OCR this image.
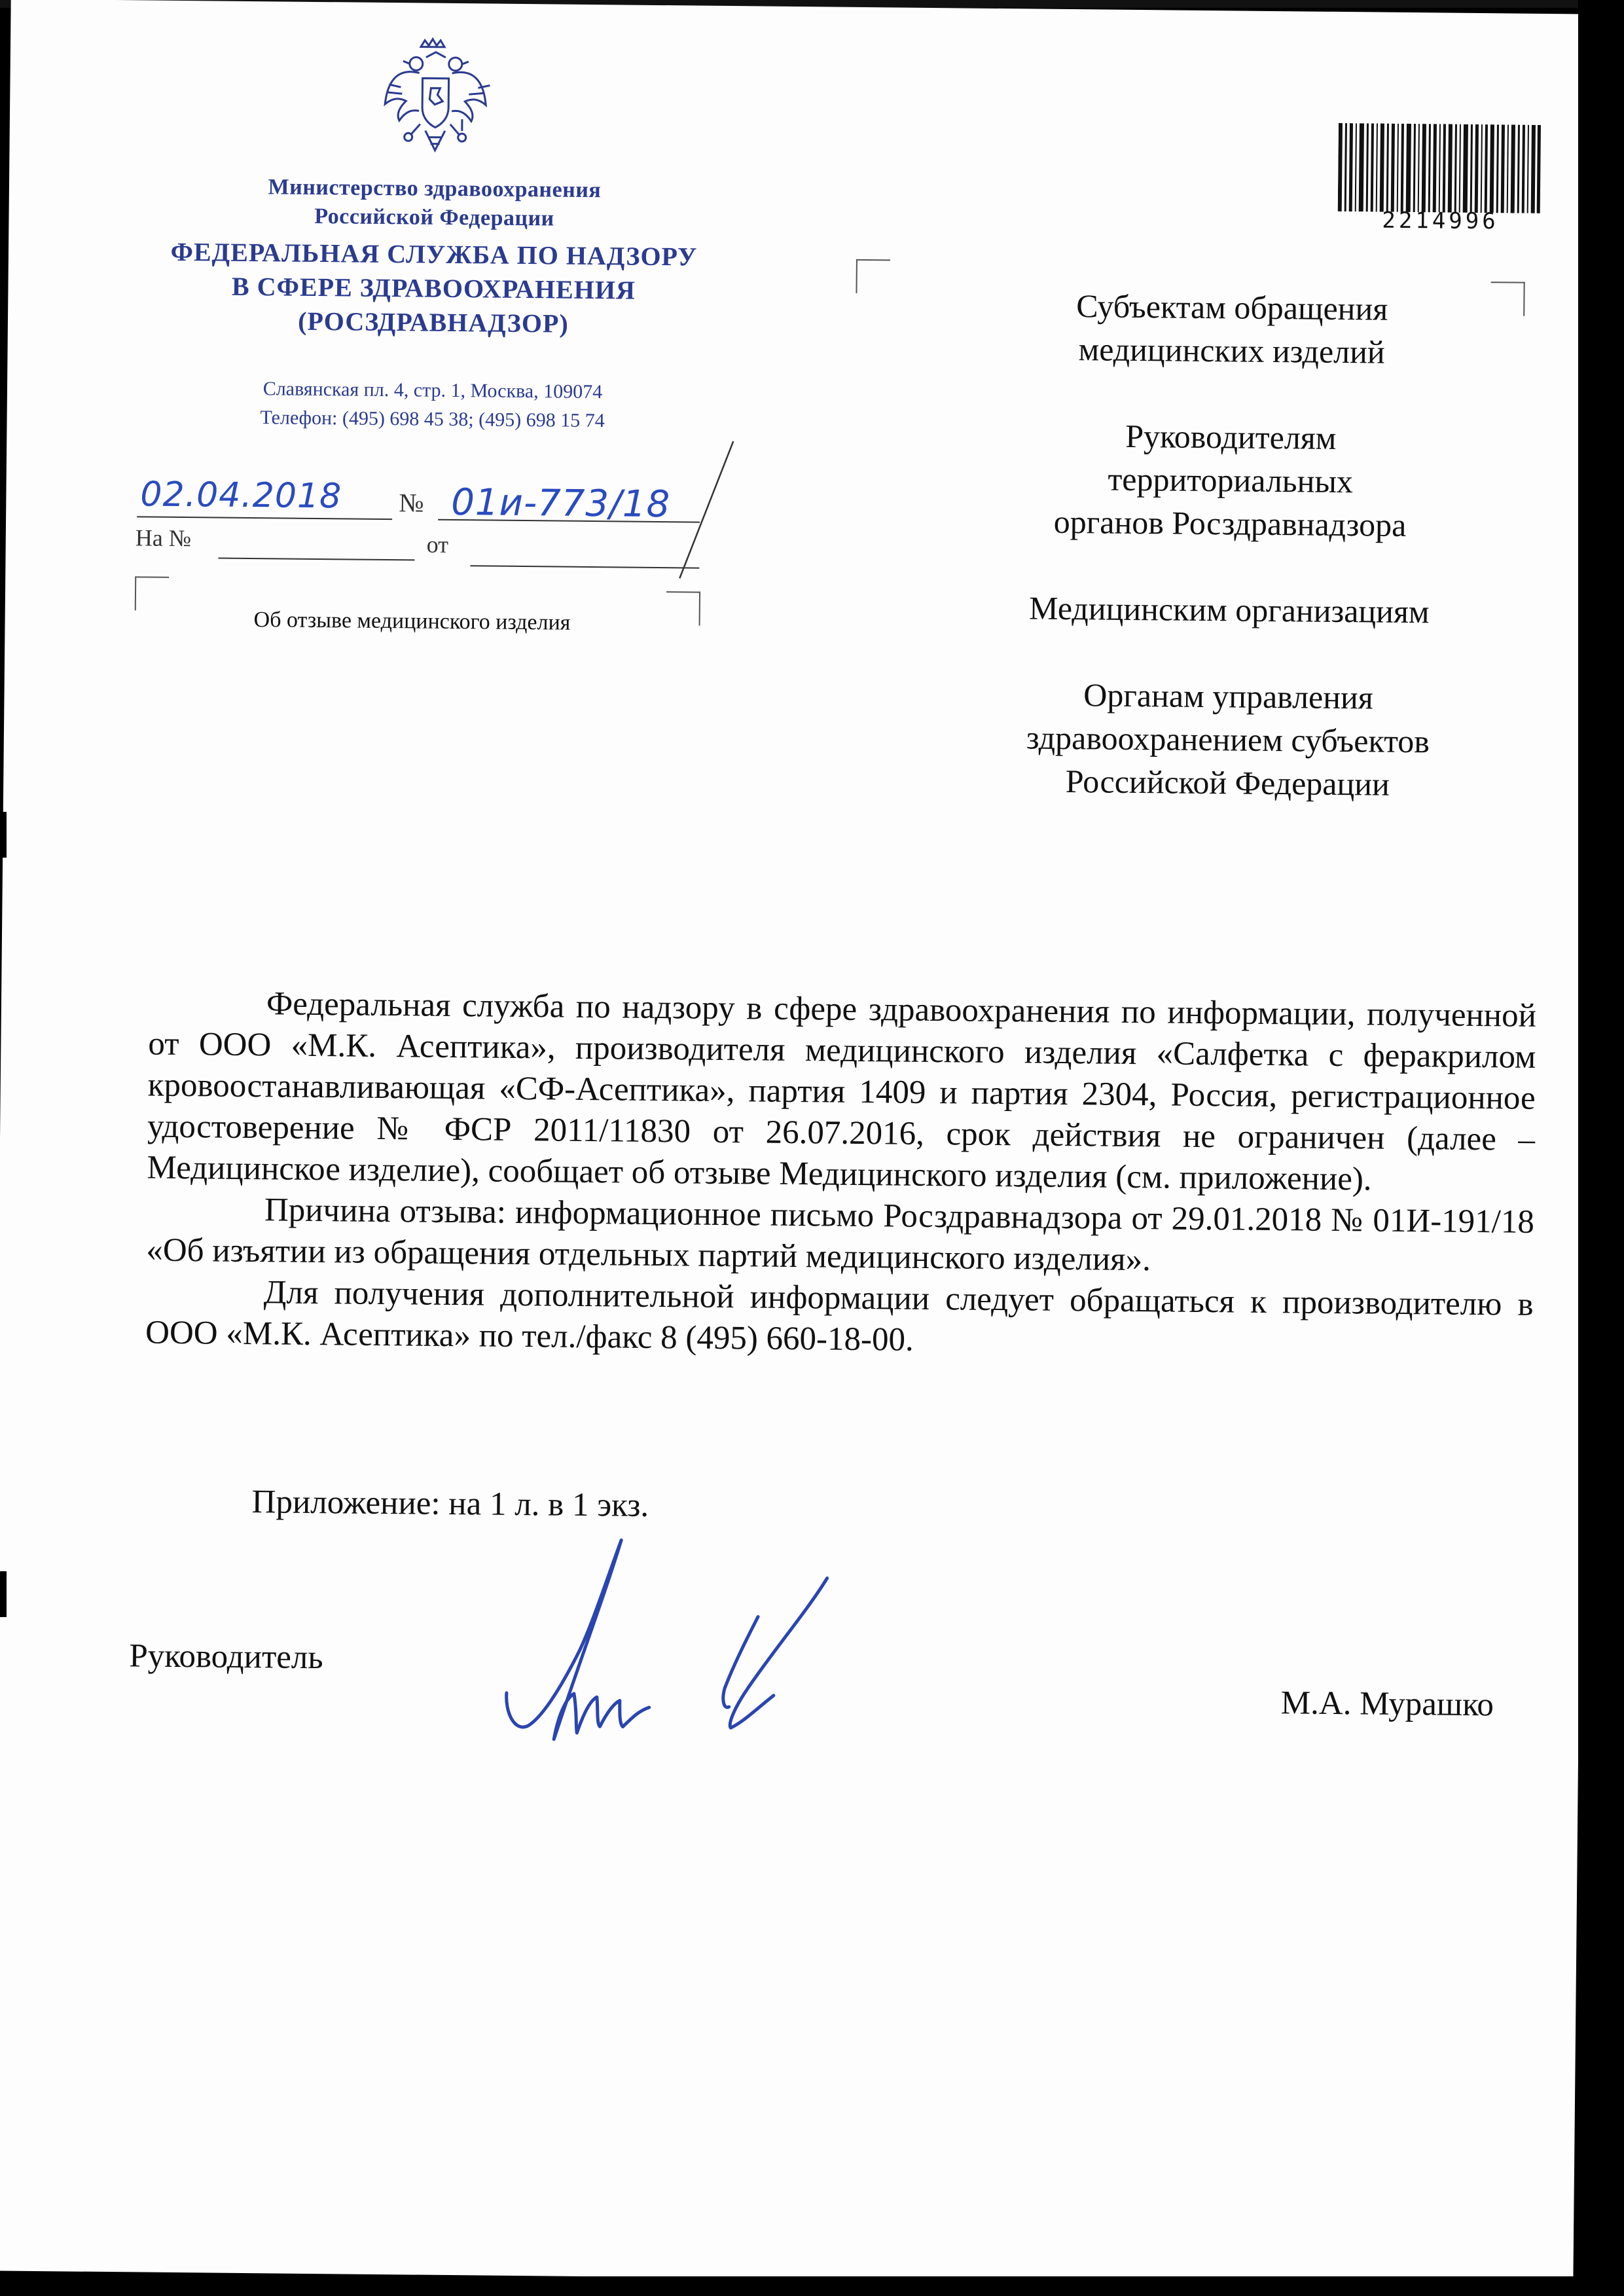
Министерство здравоохранения
Российской Федерации
ФЕДЕРАЛЬНАЯ СЛУЖБА ПО НАДЗОРУ
В СФЕРЕ ЗДРАВООХРАНЕНИЯ
(РОСЗДРАВНАДЗОР)
Славянская пл. 4, стр. 1, Москва, 109074
Телефон: (495) 698 45 38; (495) 698 15 74
02.04.2018 № 01и-773/18
На №	от
Об отзыве медицинского изделия
2214996
Субъектам обращения
медицинских изделий
Руководителям
территориальных
органов Росздравнадзора
Медицинским организациям
Органам управления
здравоохранением субъектов
Российской Федерации

Федеральная служба по надзору в сфере здравоохранения по информации, полученной от ООО «М.К. Асептика», производителя медицинского изделия «Салфетка с феракрилом кровоостанавливающая «СФ-Асептика», партия 1409 и партия 2304, Россия, регистрационное удостоверение № ФСР 2011/11830 от 26.07.2016, срок действия не ограничен (далее – Медицинское изделие), сообщает об отзыве Медицинского изделия (см. приложение).

Причина отзыва: информационное письмо Росздравнадзора от 29.01.2018 № 01И-191/18 «Об изъятии из обращения отдельных партий медицинского изделия».

Для получения дополнительной информации следует обращаться к производителю в ООО «М.К. Асептика» по тел./факс 8 (495) 660-18-00.

Приложение: на 1 л. в 1 экз.
Руководитель
М.А. Мурашко
